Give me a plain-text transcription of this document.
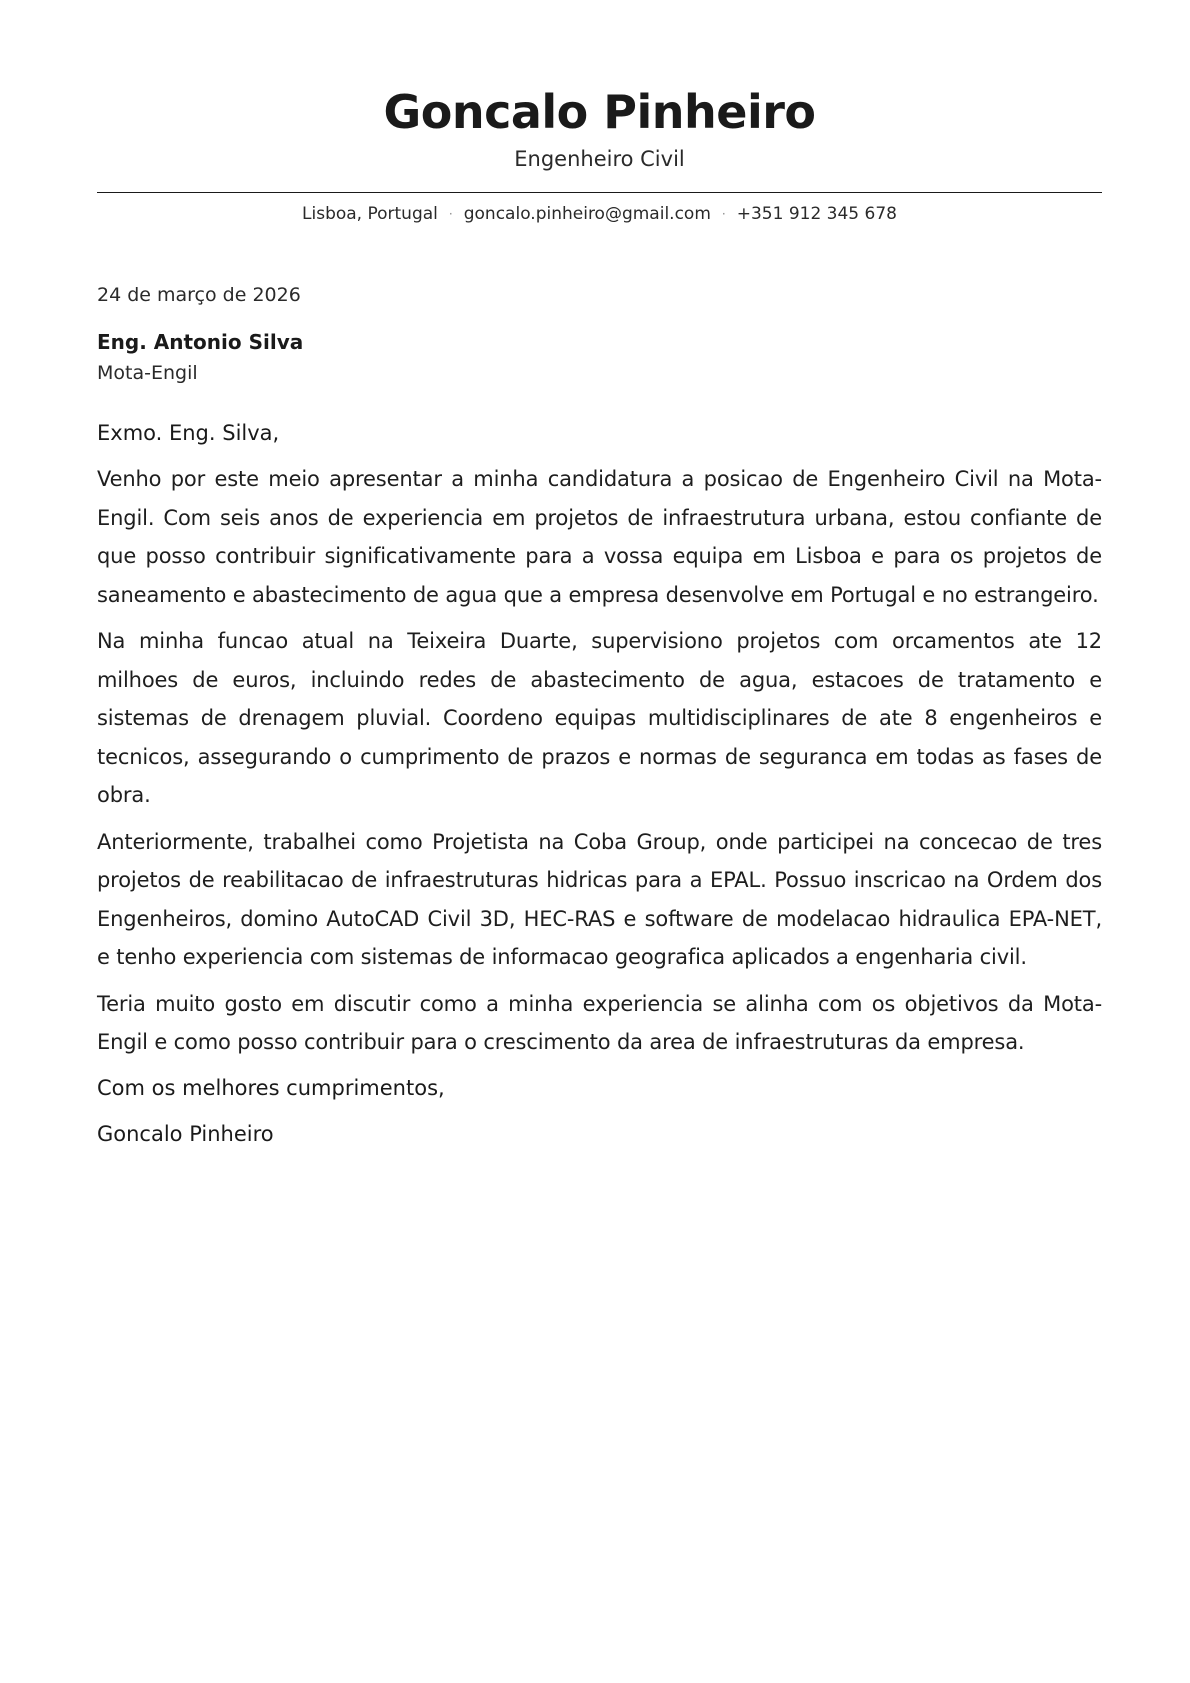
Goncalo Pinheiro
Engenheiro Civil
Lisboa, Portugal · goncalo.pinheiro@gmail.com · +351 912 345 678
24 de março de 2026
Eng. Antonio Silva
Mota-Engil
Exmo. Eng. Silva,

Venho por este meio apresentar a minha candidatura a posicao de Engenheiro Civil na Mota-Engil. Com seis anos de experiencia em projetos de infraestrutura urbana, estou confiante de que posso contribuir significativamente para a vossa equipa em Lisboa e para os projetos de saneamento e abastecimento de agua que a empresa desenvolve em Portugal e no estrangeiro.

Na minha funcao atual na Teixeira Duarte, supervisiono projetos com orcamentos ate 12 milhoes de euros, incluindo redes de abastecimento de agua, estacoes de tratamento e sistemas de drenagem pluvial. Coordeno equipas multidisciplinares de ate 8 engenheiros e tecnicos, assegurando o cumprimento de prazos e normas de seguranca em todas as fases de obra.

Anteriormente, trabalhei como Projetista na Coba Group, onde participei na concecao de tres projetos de reabilitacao de infraestruturas hidricas para a EPAL. Possuo inscricao na Ordem dos Engenheiros, domino AutoCAD Civil 3D, HEC-RAS e software de modelacao hidraulica EPA-NET, e tenho experiencia com sistemas de informacao geografica aplicados a engenharia civil.

Teria muito gosto em discutir como a minha experiencia se alinha com os objetivos da Mota-Engil e como posso contribuir para o crescimento da area de infraestruturas da empresa.

Com os melhores cumprimentos,
Goncalo Pinheiro
